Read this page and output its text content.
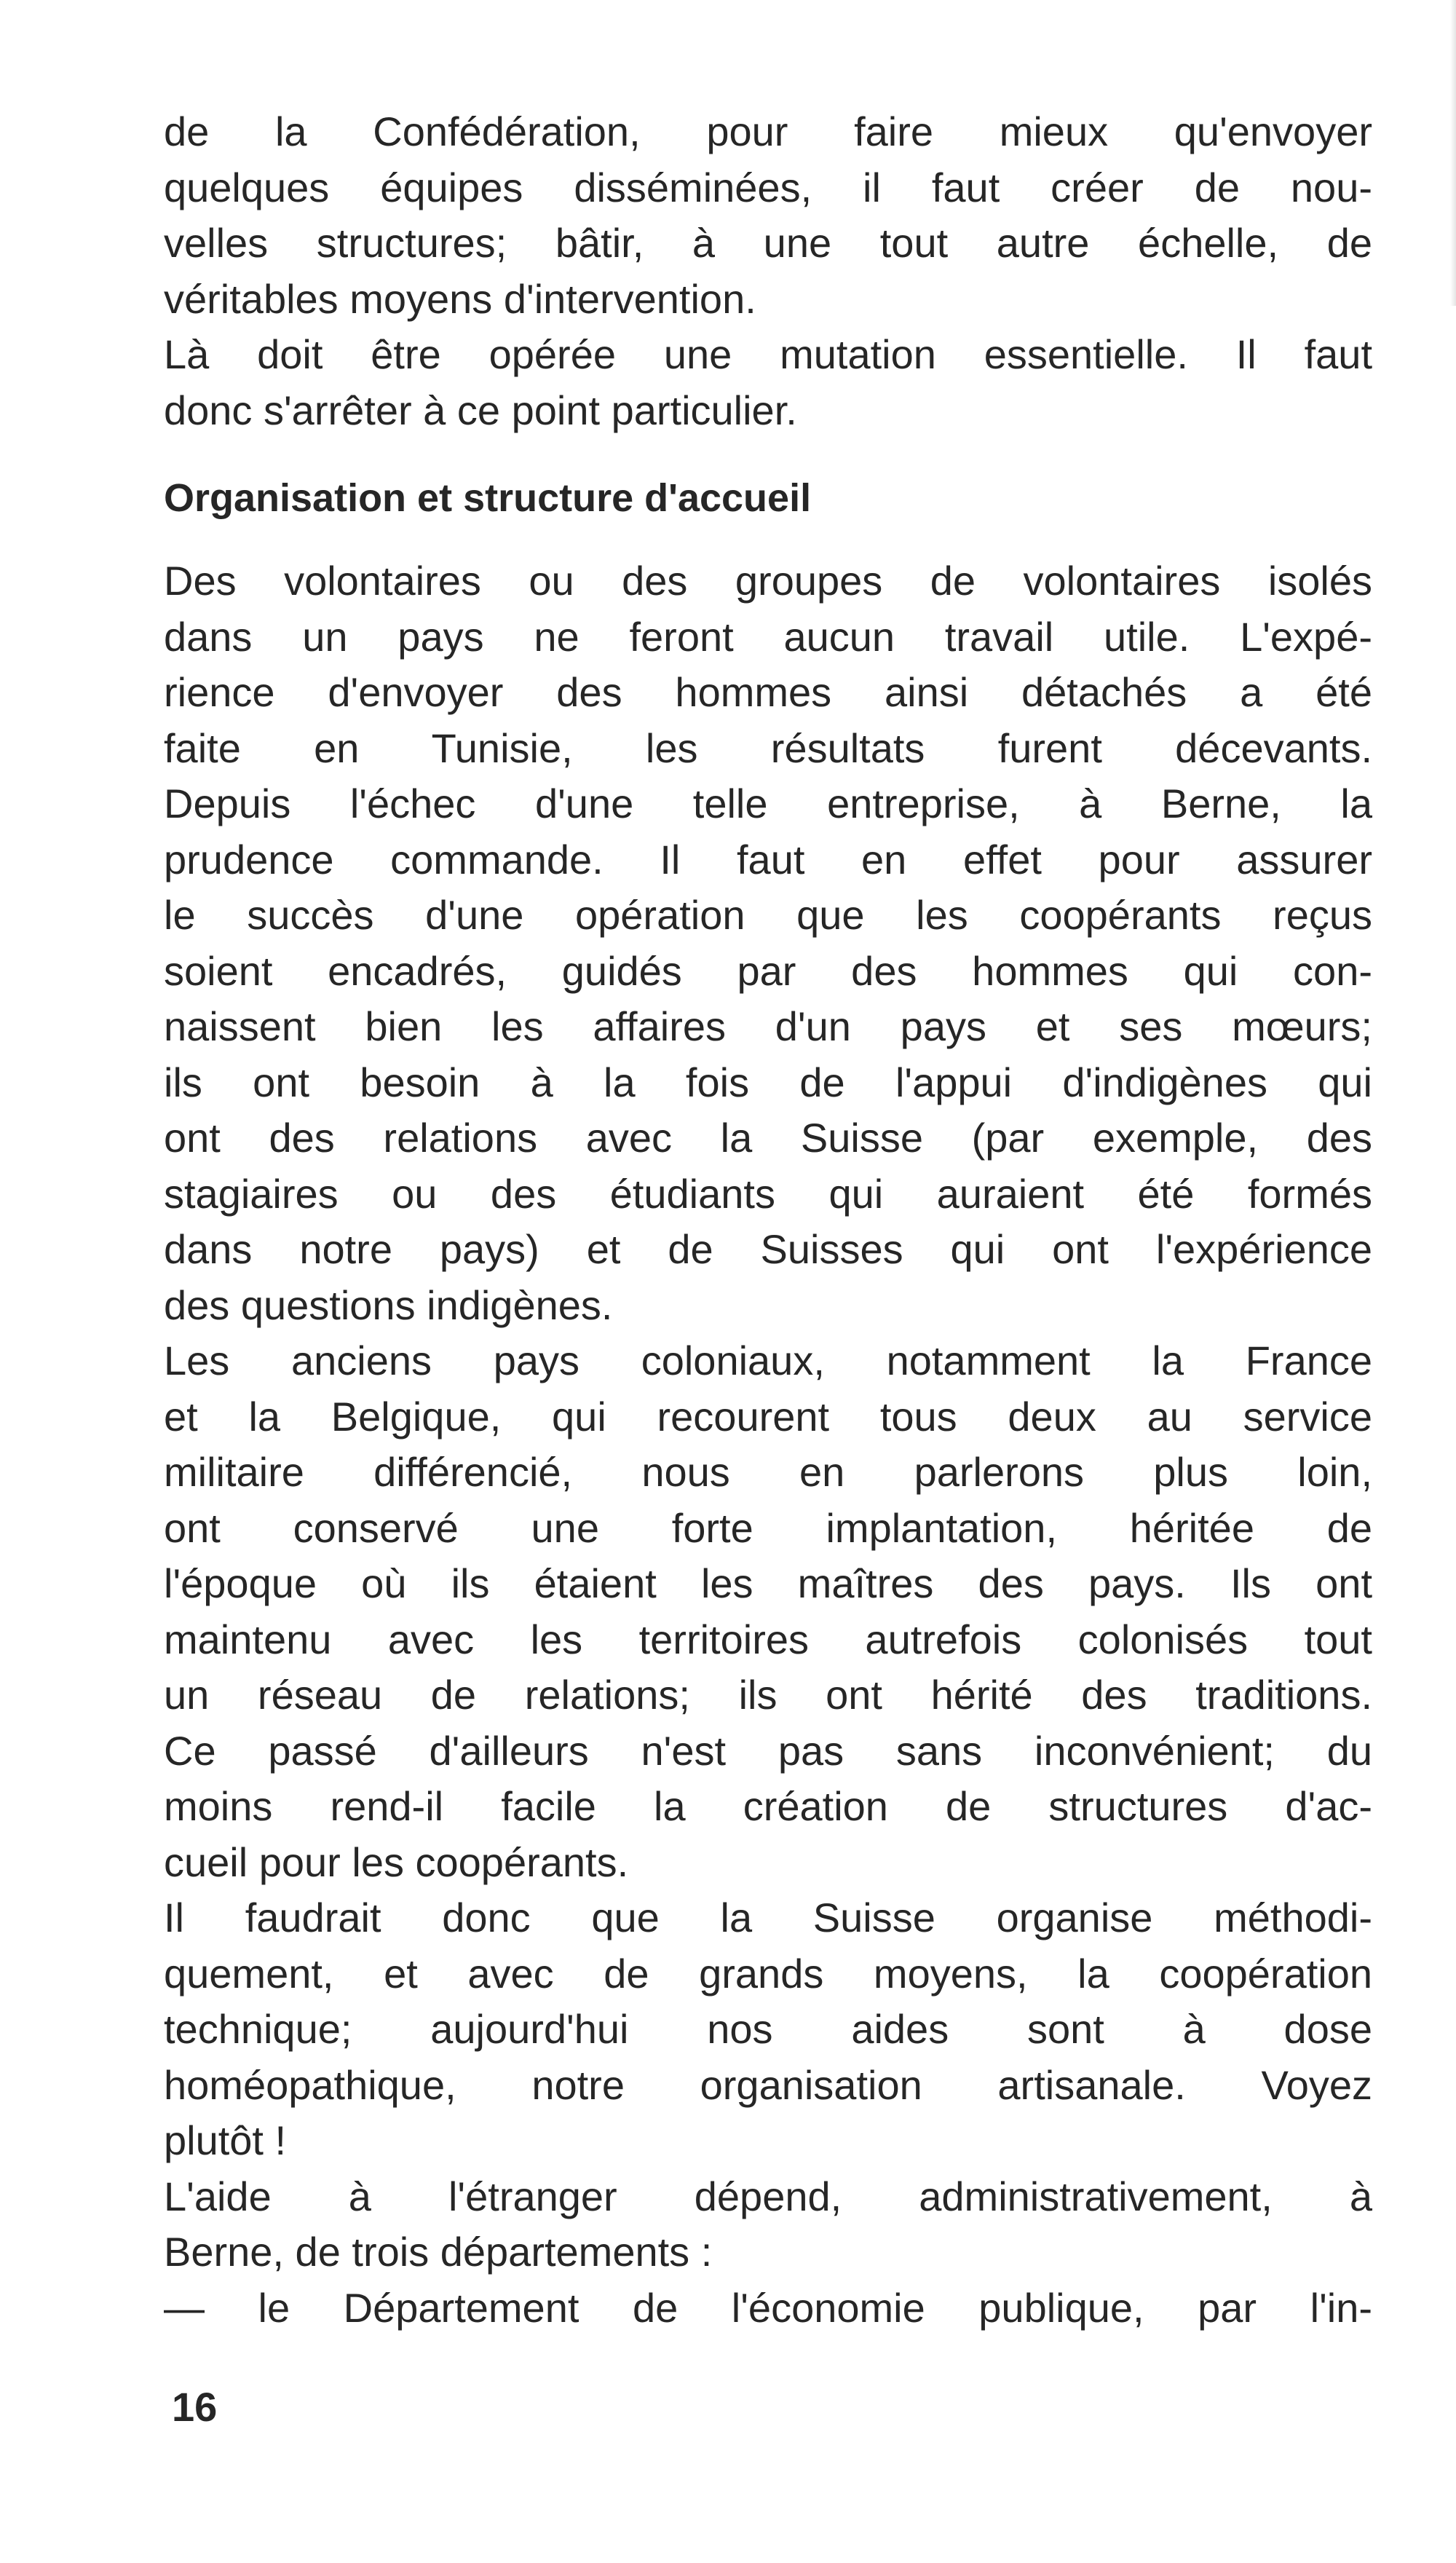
de la Confédération, pour faire mieux qu'envoyer
quelques équipes disséminées, il faut créer de nou-
velles structures; bâtir, à une tout autre échelle, de
véritables moyens d'intervention.
Là doit être opérée une mutation essentielle. Il faut
donc s'arrêter à ce point particulier.
Organisation et structure d'accueil
Des volontaires ou des groupes de volontaires isolés
dans un pays ne feront aucun travail utile. L'expé-
rience d'envoyer des hommes ainsi détachés a été
faite en Tunisie, les résultats furent décevants.
Depuis l'échec d'une telle entreprise, à Berne, la
prudence commande. Il faut en effet pour assurer
le succès d'une opération que les coopérants reçus
soient encadrés, guidés par des hommes qui con-
naissent bien les affaires d'un pays et ses mœurs;
ils ont besoin à la fois de l'appui d'indigènes qui
ont des relations avec la Suisse (par exemple, des
stagiaires ou des étudiants qui auraient été formés
dans notre pays) et de Suisses qui ont l'expérience
des questions indigènes.
Les anciens pays coloniaux, notamment la France
et la Belgique, qui recourent tous deux au service
militaire différencié, nous en parlerons plus loin,
ont conservé une forte implantation, héritée de
l'époque où ils étaient les maîtres des pays. Ils ont
maintenu avec les territoires autrefois colonisés tout
un réseau de relations; ils ont hérité des traditions.
Ce passé d'ailleurs n'est pas sans inconvénient; du
moins rend-il facile la création de structures d'ac-
cueil pour les coopérants.
Il faudrait donc que la Suisse organise méthodi-
quement, et avec de grands moyens, la coopération
technique; aujourd'hui nos aides sont à dose
homéopathique, notre organisation artisanale. Voyez
plutôt !
L'aide à l'étranger dépend, administrativement, à
Berne, de trois départements :
— le Département de l'économie publique, par l'in-
16
